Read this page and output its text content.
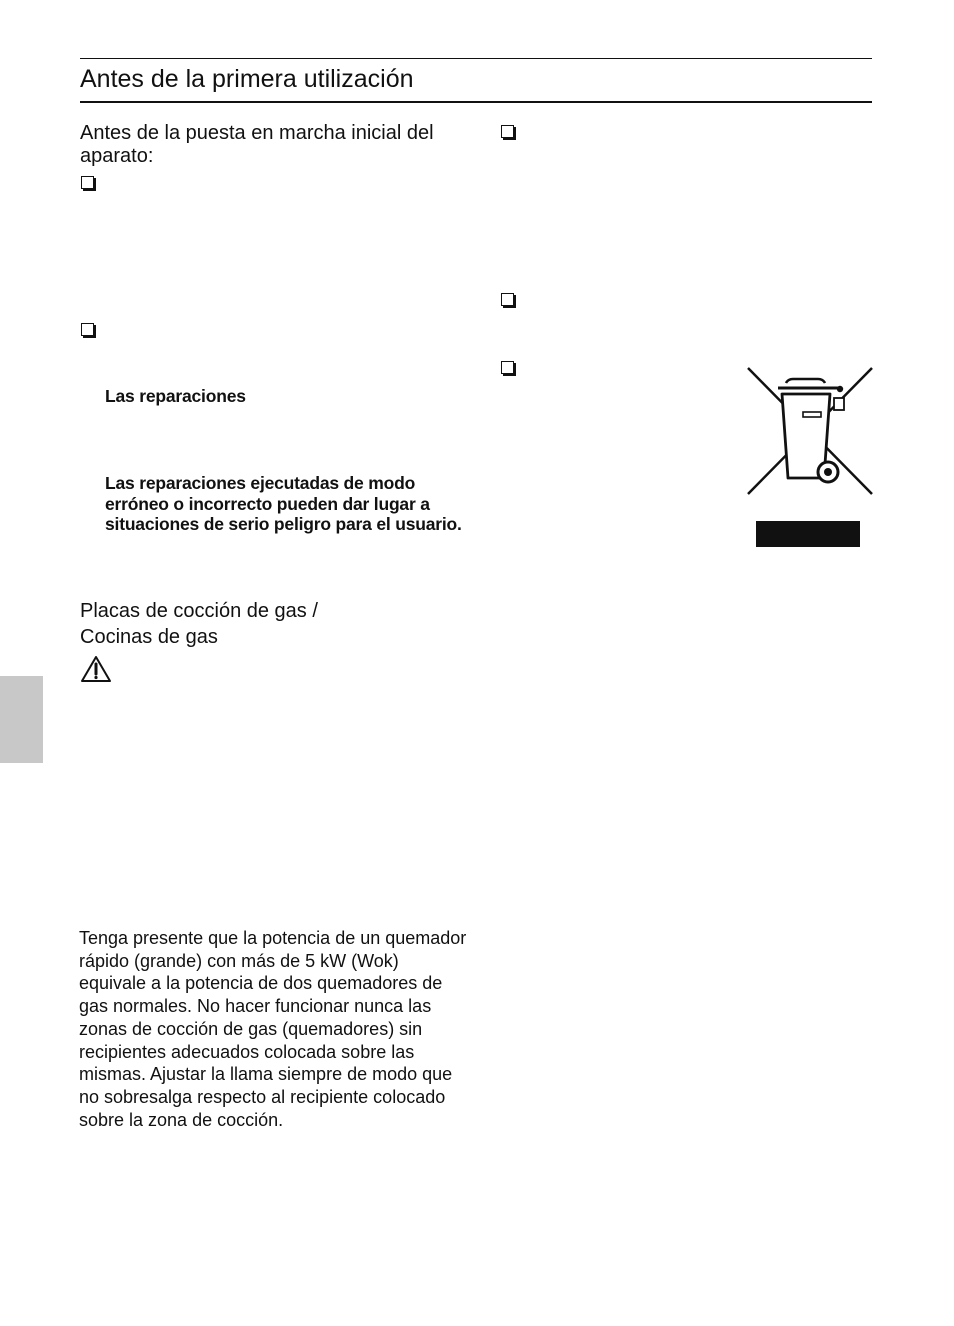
Antes de la primera utilización
Antes de la puesta en marcha inicial del aparato:
Las reparaciones
Las reparaciones ejecutadas de modo erróneo o incorrecto pueden dar lugar a situaciones de serio peligro para el usuario.
Placas de cocción de gas /
Cocinas de gas
Tenga presente que la potencia de un quemador rápido (grande) con más de 5 kW (Wok) equivale a la potencia de dos quemadores de gas normales. No hacer funcionar nunca las zonas de cocción de gas (quemadores) sin recipientes adecuados colocada sobre las mismas. Ajustar la llama siempre de modo que no sobresalga respecto al recipiente colocado sobre la zona de cocción.
